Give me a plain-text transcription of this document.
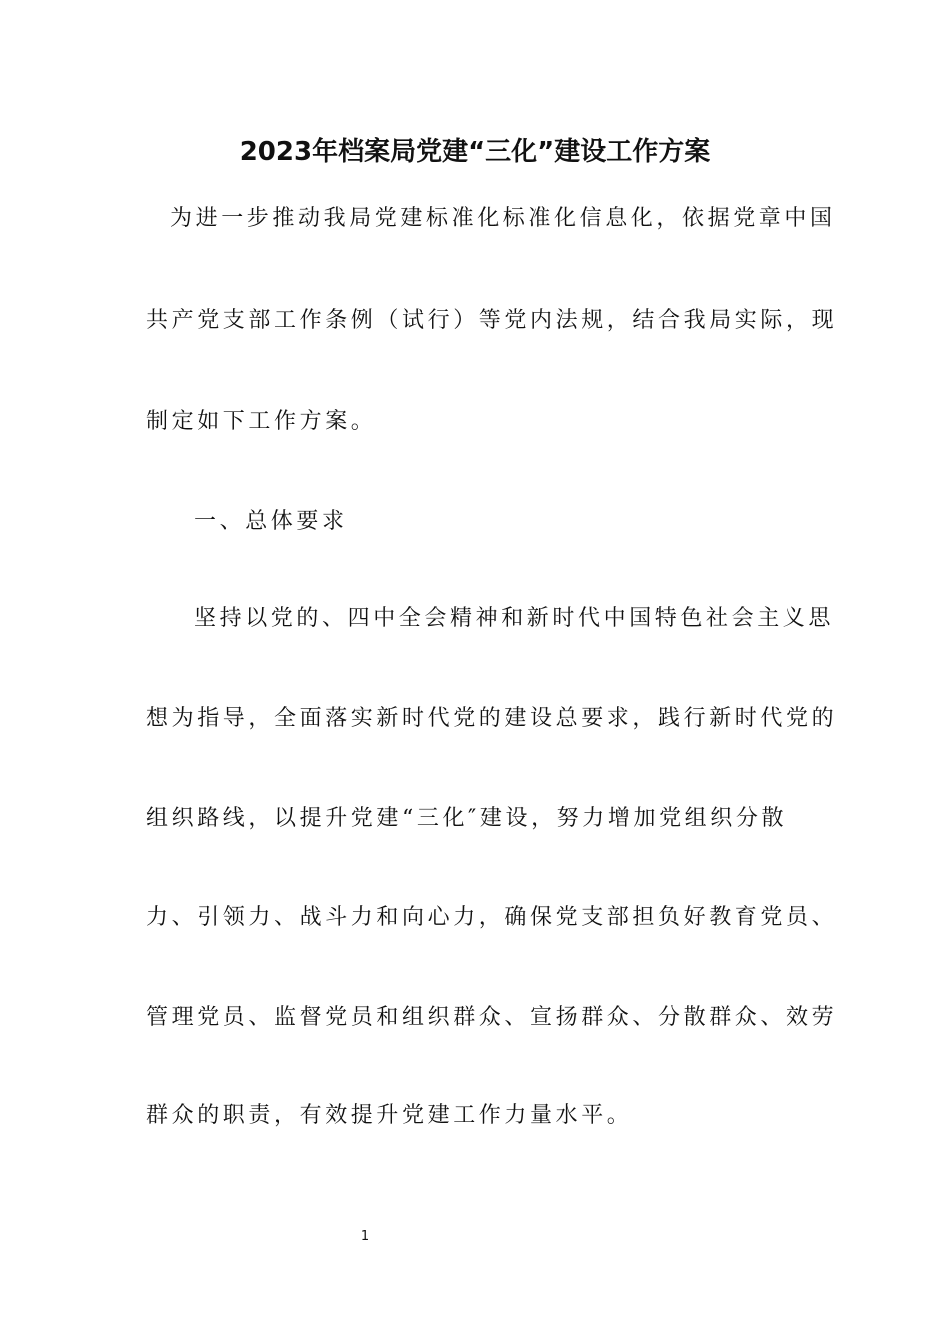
2023年档案局党建“三化”建设工作方案
为进一步推动我局党建标准化标准化信息化，依据党章中国
共产党支部工作条例（试行）等党内法规，结合我局实际，现
制定如下工作方案。
一、总体要求
坚持以党的、四中全会精神和新时代中国特色社会主义思
想为指导，全面落实新时代党的建设总要求，践行新时代党的
组织路线，以提升党建“三化″建设，努力增加党组织分散
力、引领力、战斗力和向心力，确保党支部担负好教育党员、
管理党员、监督党员和组织群众、宣扬群众、分散群众、效劳
群众的职责，有效提升党建工作力量水平。
1
